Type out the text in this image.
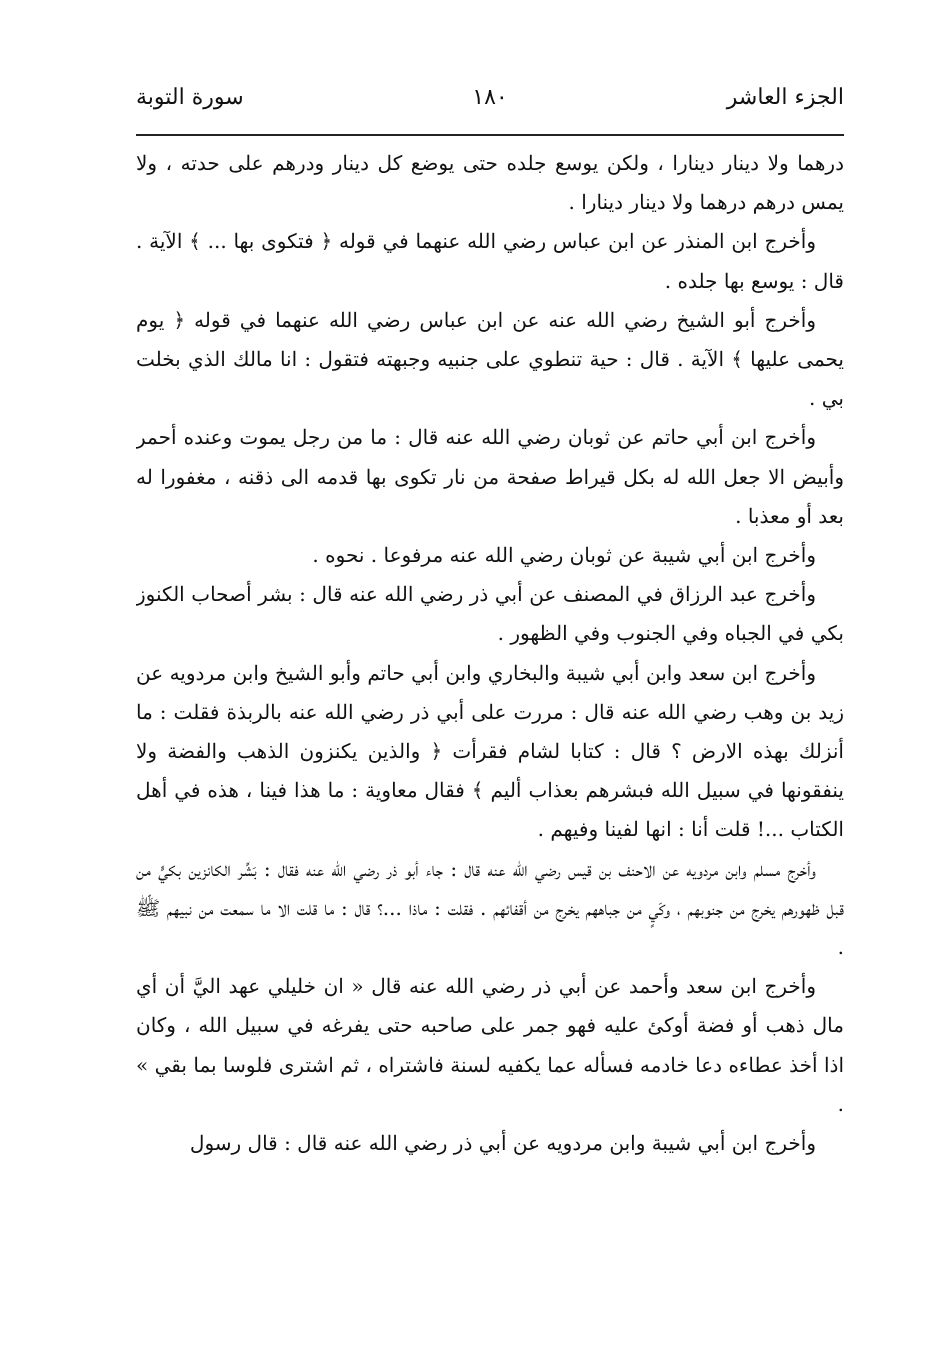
الجزء العاشر
١٨٠
سورة التوبة

درهما ولا دينار دينارا ، ولكن يوسع جلده حتى يوضع كل دينار ودرهم على حدته ، ولا يمس درهم درهما ولا دينار دينارا .

وأخرج ابن المنذر عن ابن عباس رضي الله عنهما في قوله ﴿ فتكوى بها ... ﴾ الآية . قال : يوسع بها جلده .

وأخرج أبو الشيخ رضي الله عنه عن ابن عباس رضي الله عنهما في قوله ﴿ يوم يحمى عليها ﴾ الآية . قال : حية تنطوي على جنبيه وجبهته فتقول : انا مالك الذي بخلت بي .

وأخرج ابن أبي حاتم عن ثوبان رضي الله عنه قال : ما من رجل يموت وعنده أحمر وأبيض الا جعل الله له بكل قيراط صفحة من نار تكوى بها قدمه الى ذقنه ، مغفورا له بعد أو معذبا .

وأخرج ابن أبي شيبة عن ثوبان رضي الله عنه مرفوعا . نحوه .

وأخرج عبد الرزاق في المصنف عن أبي ذر رضي الله عنه قال : بشر أصحاب الكنوز بكي في الجباه وفي الجنوب وفي الظهور .

وأخرج ابن سعد وابن أبي شيبة والبخاري وابن أبي حاتم وأبو الشيخ وابن مردويه عن زيد بن وهب رضي الله عنه قال : مررت على أبي ذر رضي الله عنه بالربذة فقلت : ما أنزلك بهذه الارض ؟ قال : كتابا لشام فقرأت ﴿ والذين يكنزون الذهب والفضة ولا ينفقونها في سبيل الله فبشرهم بعذاب أليم ﴾ فقال معاوية : ما هذا فينا ، هذه في أهل الكتاب ...! قلت أنا : انها لفينا وفيهم .

وأخرج مسلم وابن مردويه عن الاحنف بن قيس رضي الله عنه قال : جاء أبو ذر رضي الله عنه فقال : بَشِّر الكانزين بكيٍّ من قبل ظهورهم يخرج من جنوبهم ، وكَيٍ من جباههم يخرج من أقفائهم . فقلت : ماذا ...؟ قال : ما قلت الا ما سمعت من نبيهم ﷺ .

وأخرج ابن سعد وأحمد عن أبي ذر رضي الله عنه قال « ان خليلي عهد اليَّ أن أي مال ذهب أو فضة أوكئ عليه فهو جمر على صاحبه حتى يفرغه في سبيل الله ، وكان اذا أخذ عطاءه دعا خادمه فسأله عما يكفيه لسنة فاشتراه ، ثم اشترى فلوسا بما بقي » .

وأخرج ابن أبي شيبة وابن مردويه عن أبي ذر رضي الله عنه قال : قال رسول
